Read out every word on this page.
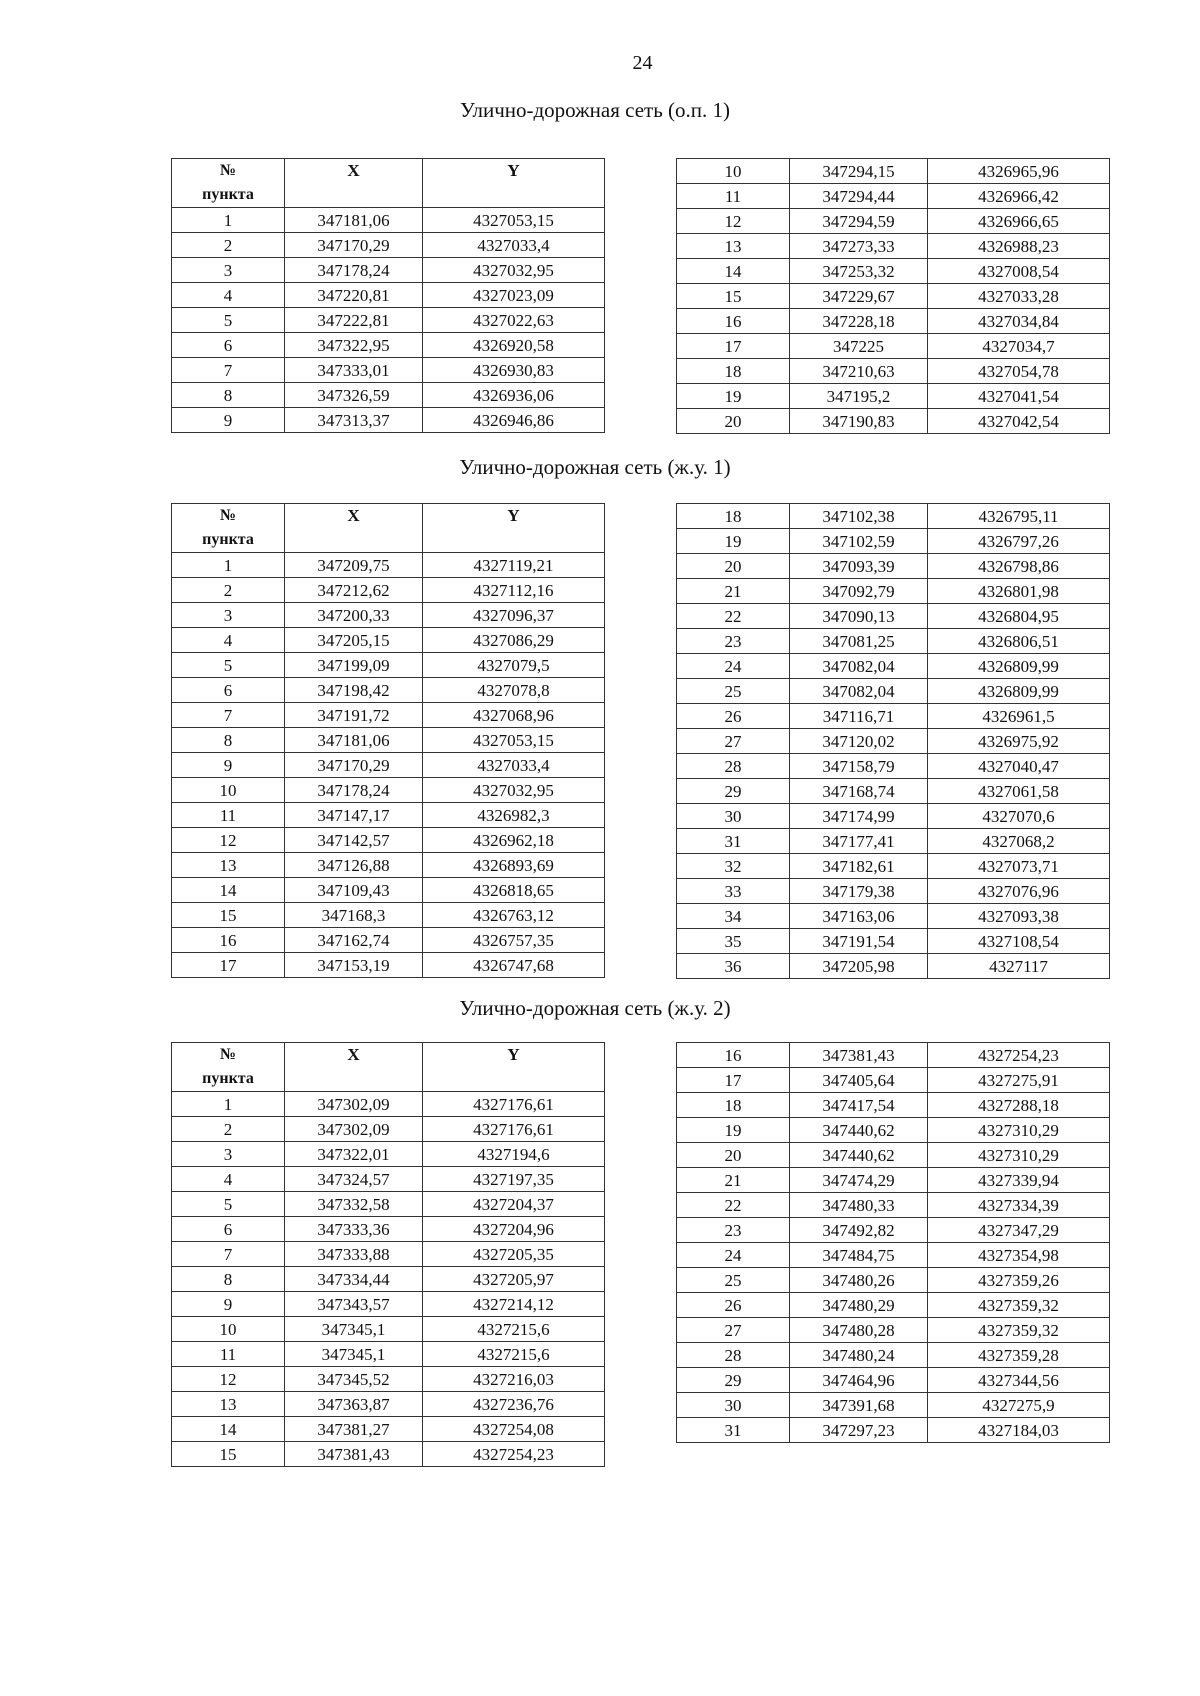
24
Улично-дорожная сеть (о.п. 1)
№
пункта	X	Y
1	347181,06	4327053,15
2	347170,29	4327033,4
3	347178,24	4327032,95
4	347220,81	4327023,09
5	347222,81	4327022,63
6	347322,95	4326920,58
7	347333,01	4326930,83
8	347326,59	4326936,06
9	347313,37	4326946,86
10	347294,15	4326965,96
11	347294,44	4326966,42
12	347294,59	4326966,65
13	347273,33	4326988,23
14	347253,32	4327008,54
15	347229,67	4327033,28
16	347228,18	4327034,84
17	347225	4327034,7
18	347210,63	4327054,78
19	347195,2	4327041,54
20	347190,83	4327042,54
Улично-дорожная сеть (ж.у. 1)
№
пункта	X	Y
1	347209,75	4327119,21
2	347212,62	4327112,16
3	347200,33	4327096,37
4	347205,15	4327086,29
5	347199,09	4327079,5
6	347198,42	4327078,8
7	347191,72	4327068,96
8	347181,06	4327053,15
9	347170,29	4327033,4
10	347178,24	4327032,95
11	347147,17	4326982,3
12	347142,57	4326962,18
13	347126,88	4326893,69
14	347109,43	4326818,65
15	347168,3	4326763,12
16	347162,74	4326757,35
17	347153,19	4326747,68
18	347102,38	4326795,11
19	347102,59	4326797,26
20	347093,39	4326798,86
21	347092,79	4326801,98
22	347090,13	4326804,95
23	347081,25	4326806,51
24	347082,04	4326809,99
25	347082,04	4326809,99
26	347116,71	4326961,5
27	347120,02	4326975,92
28	347158,79	4327040,47
29	347168,74	4327061,58
30	347174,99	4327070,6
31	347177,41	4327068,2
32	347182,61	4327073,71
33	347179,38	4327076,96
34	347163,06	4327093,38
35	347191,54	4327108,54
36	347205,98	4327117
Улично-дорожная сеть (ж.у. 2)
№
пункта	X	Y
1	347302,09	4327176,61
2	347302,09	4327176,61
3	347322,01	4327194,6
4	347324,57	4327197,35
5	347332,58	4327204,37
6	347333,36	4327204,96
7	347333,88	4327205,35
8	347334,44	4327205,97
9	347343,57	4327214,12
10	347345,1	4327215,6
11	347345,1	4327215,6
12	347345,52	4327216,03
13	347363,87	4327236,76
14	347381,27	4327254,08
15	347381,43	4327254,23
16	347381,43	4327254,23
17	347405,64	4327275,91
18	347417,54	4327288,18
19	347440,62	4327310,29
20	347440,62	4327310,29
21	347474,29	4327339,94
22	347480,33	4327334,39
23	347492,82	4327347,29
24	347484,75	4327354,98
25	347480,26	4327359,26
26	347480,29	4327359,32
27	347480,28	4327359,32
28	347480,24	4327359,28
29	347464,96	4327344,56
30	347391,68	4327275,9
31	347297,23	4327184,03
